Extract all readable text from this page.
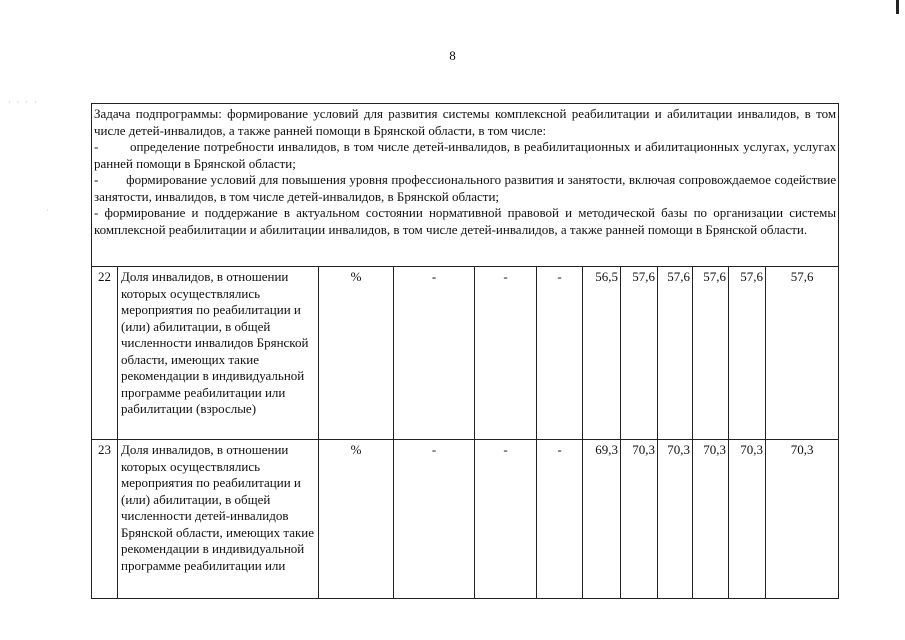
8
· · · ·
·

Задача подпрограммы: формирование условий для развития системы комплексной реабилитации и абилитации инвалидов, в том числе детей-инвалидов, а также ранней помощи в Брянской области, в том числе:

-        определение потребности инвалидов, в том числе детей-инвалидов, в реабилитационных и абилитационных услугах, услугах ранней помощи в Брянской области;

-        формирование условий для повышения уровня профессионального развития и занятости, включая сопровождаемое содействие занятости, инвалидов, в том числе детей-инвалидов, в Брянской области;

- формирование и поддержание в актуальном состоянии нормативной правовой и методической базы по организации системы комплексной реабилитации и абилитации инвалидов, в том числе детей-инвалидов, а также ранней помощи в Брянской области.											

22	Доля инвалидов, в отношении которых осуществлялись мероприятия по реабилитации и (или) абилитации, в общей численности инвалидов Брянской области, имеющих такие рекомендации в индивидуальной программе реабилитации или рабилитации (взрослые)	%	-	-	-	56,5	57,6	57,6	57,6	57,6	57,6
23	Доля инвалидов, в отношении которых осуществлялись мероприятия по реабилитации и (или) абилитации, в общей численности детей-инвалидов Брянской области, имеющих такие рекомендации в индивидуальной программе реабилитации или	%	-	-	-	69,3	70,3	70,3	70,3	70,3	70,3
